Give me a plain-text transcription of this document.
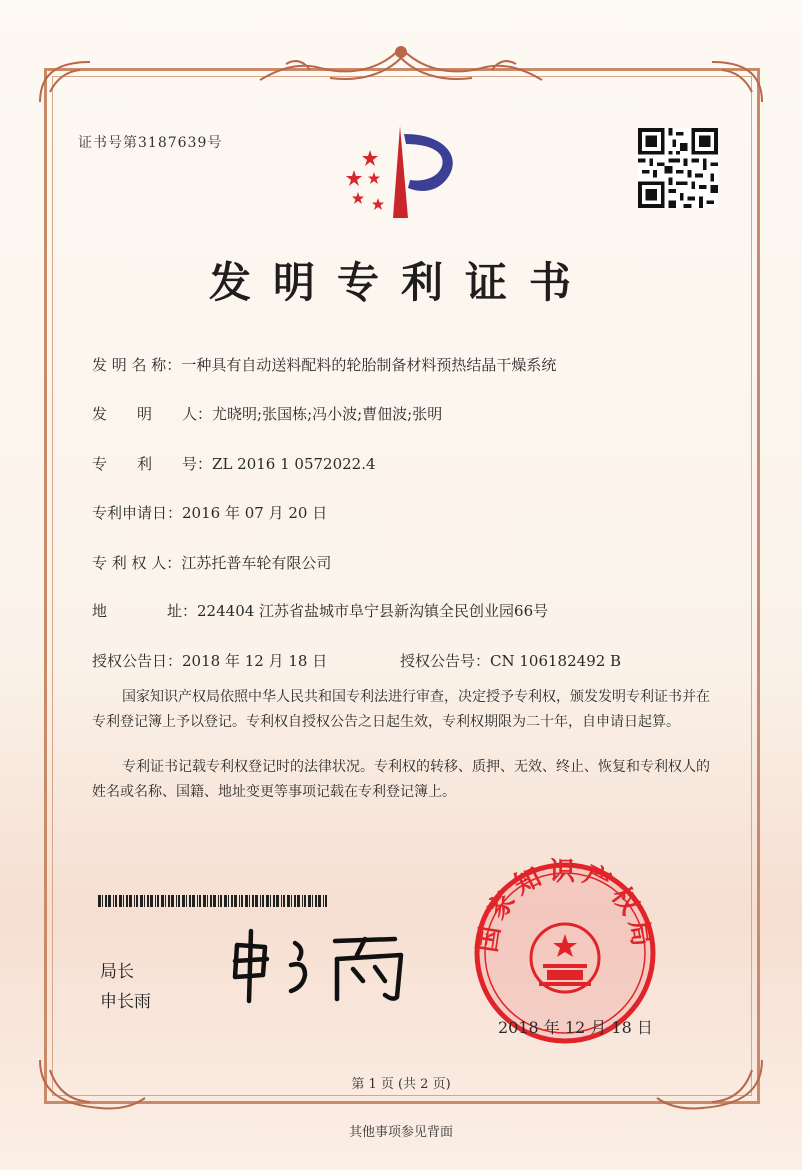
证书号第3187639号
发明专利证书
发 明 名 称：一种具有自动送料配料的轮胎制备材料预热结晶干燥系统
发　　明　　人：尤晓明;张国栋;冯小波;曹佃波;张明
专　　利　　号：ZL 2016 1 0572022.4
专利申请日：2016 年 07 月 20 日
专 利 权 人：江苏托普车轮有限公司
地　　　　址：224404 江苏省盐城市阜宁县新沟镇全民创业园66号
授权公告日：2018 年 12 月 18 日	授权公告号：CN 106182492 B
国家知识产权局依照中华人民共和国专利法进行审查，决定授予专利权，颁发发明专利证书并在专利登记簿上予以登记。专利权自授权公告之日起生效，专利权期限为二十年，自申请日起算。
专利证书记载专利权登记时的法律状况。专利权的转移、质押、无效、终止、恢复和专利权人的姓名或名称、国籍、地址变更等事项记载在专利登记簿上。
局长
申长雨
国家知识产权局
2018 年 12 月 18 日
第 1 页 (共 2 页)
其他事项参见背面
